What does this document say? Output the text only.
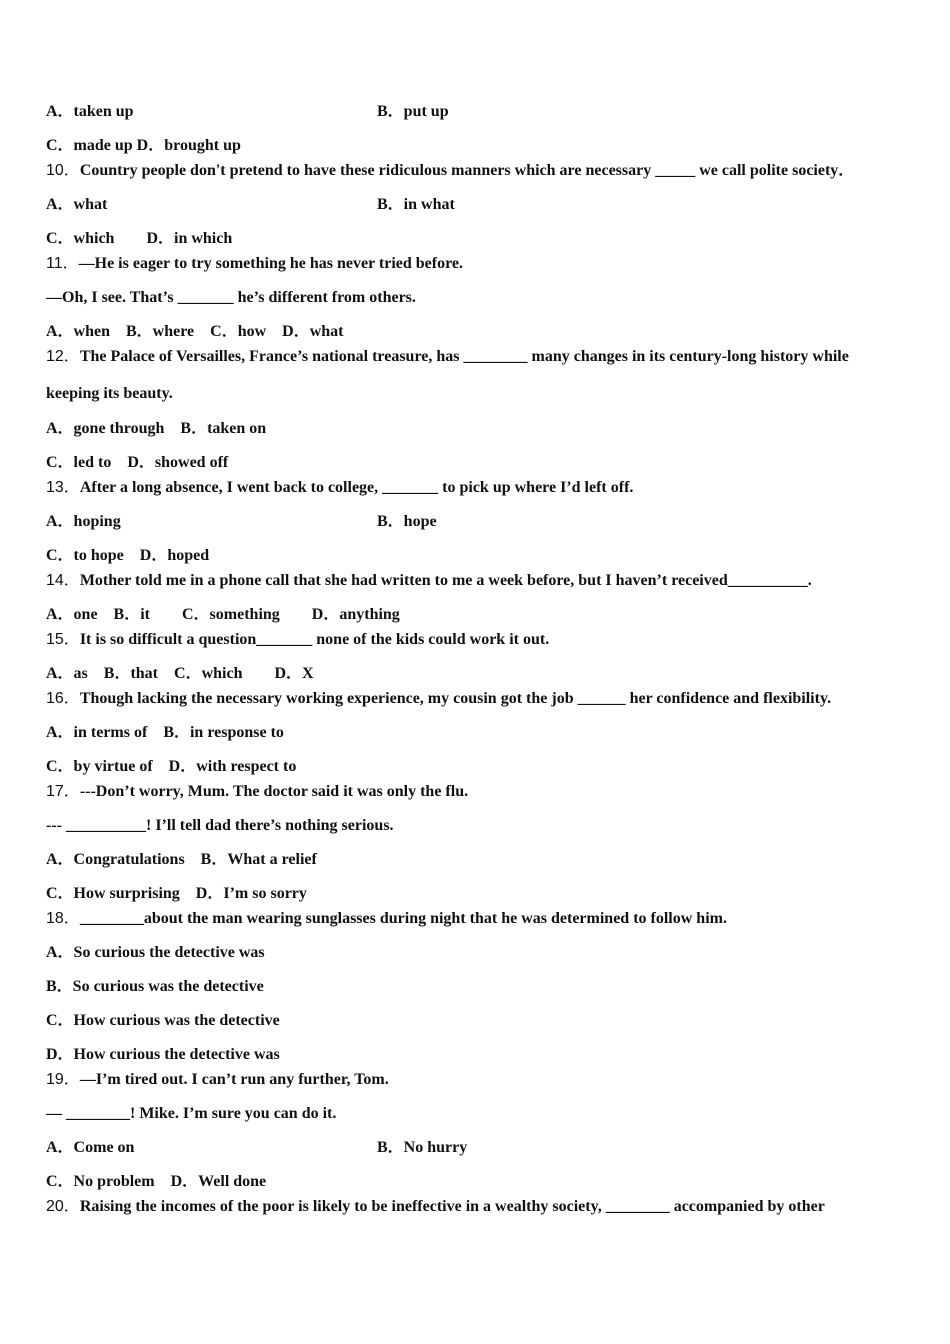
A．taken up	B．put up
C．made up D．brought up
10．Country people don't pretend to have these ridiculous manners which are necessary _____ we call polite society．
A．what	B．in what
C．which　　D．in which
11．—He is eager to try something he has never tried before.
—Oh, I see. That’s _______ he’s different from others.
A．when　B．where　C．how　D．what
12．The Palace of Versailles, France’s national treasure, has ________ many changes in its century-long history while
keeping its beauty.
A．gone through　B．taken on
C．led to　D．showed off
13．After a long absence, I went back to college, _______ to pick up where I’d left off.
A．hoping	B．hope
C．to hope　D．hoped
14．Mother told me in a phone call that she had written to me a week before, but I haven’t received__________.
A．one　B．it　　C．something　　D．anything
15．It is so difficult a question_______ none of the kids could work it out.
A．as　B．that　C．which　　D．X
16．Though lacking the necessary working experience, my cousin got the job ______ her confidence and flexibility.
A．in terms of　B．in response to
C．by virtue of　D．with respect to
17．---Don’t worry, Mum. The doctor said it was only the flu.
--- __________! I’ll tell dad there’s nothing serious.
A．Congratulations　B．What a relief
C．How surprising　D．I’m so sorry
18．________about the man wearing sunglasses during night that he was determined to follow him.
A．So curious the detective was
B．So curious was the detective
C．How curious was the detective
D．How curious the detective was
19．—I’m tired out. I can’t run any further, Tom.
— ________! Mike. I’m sure you can do it.
A．Come on	B．No hurry
C．No problem　D．Well done
20．Raising the incomes of the poor is likely to be ineffective in a wealthy society, ________ accompanied by other
